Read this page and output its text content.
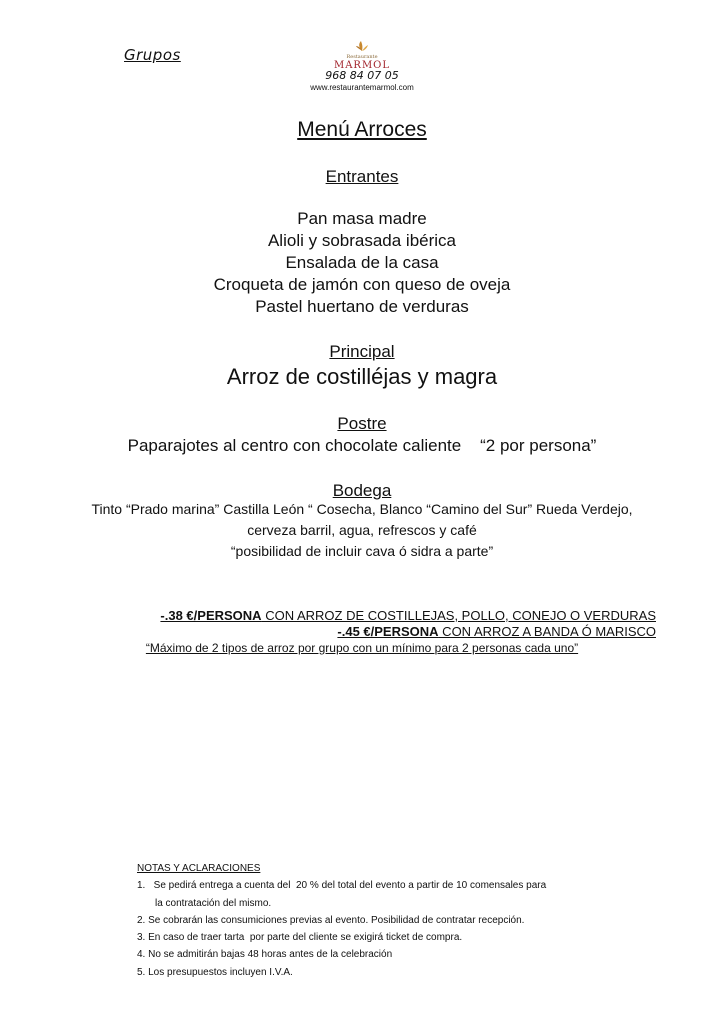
Grupos	Restaurante
MARMOL
968 84 07 05
www.restaurantemarmol.com
Menú Arroces
Entrantes
Pan masa madre
Alioli y sobrasada ibérica
Ensalada de la casa
Croqueta de jamón con queso de oveja
Pastel huertano de verduras
Principal
Arroz de costilléjas y magra
Postre
Paparajotes al centro con chocolate caliente    “2 por persona”
Bodega
Tinto “Prado marina” Castilla León “ Cosecha, Blanco “Camino del Sur” Rueda Verdejo,
cerveza barril, agua, refrescos y café
“posibilidad de incluir cava ó sidra a parte”

-.38 €/PERSONA CON ARROZ DE COSTILLEJAS, POLLO, CONEJO O VERDURAS

-.45 €/PERSONA CON ARROZ A BANDA Ó MARISCO

“Máximo de 2 tipos de arroz por grupo con un mínimo para 2 personas cada uno”
NOTAS Y ACLARACIONES
1.   Se pedirá entrega a cuenta del  20 % del total del evento a partir de 10 comensales para
la contratación del mismo.
2. Se cobrarán las consumiciones previas al evento. Posibilidad de contratar recepción.
3. En caso de traer tarta  por parte del cliente se exigirá ticket de compra.
4. No se admitirán bajas 48 horas antes de la celebración
5. Los presupuestos incluyen I.V.A.
